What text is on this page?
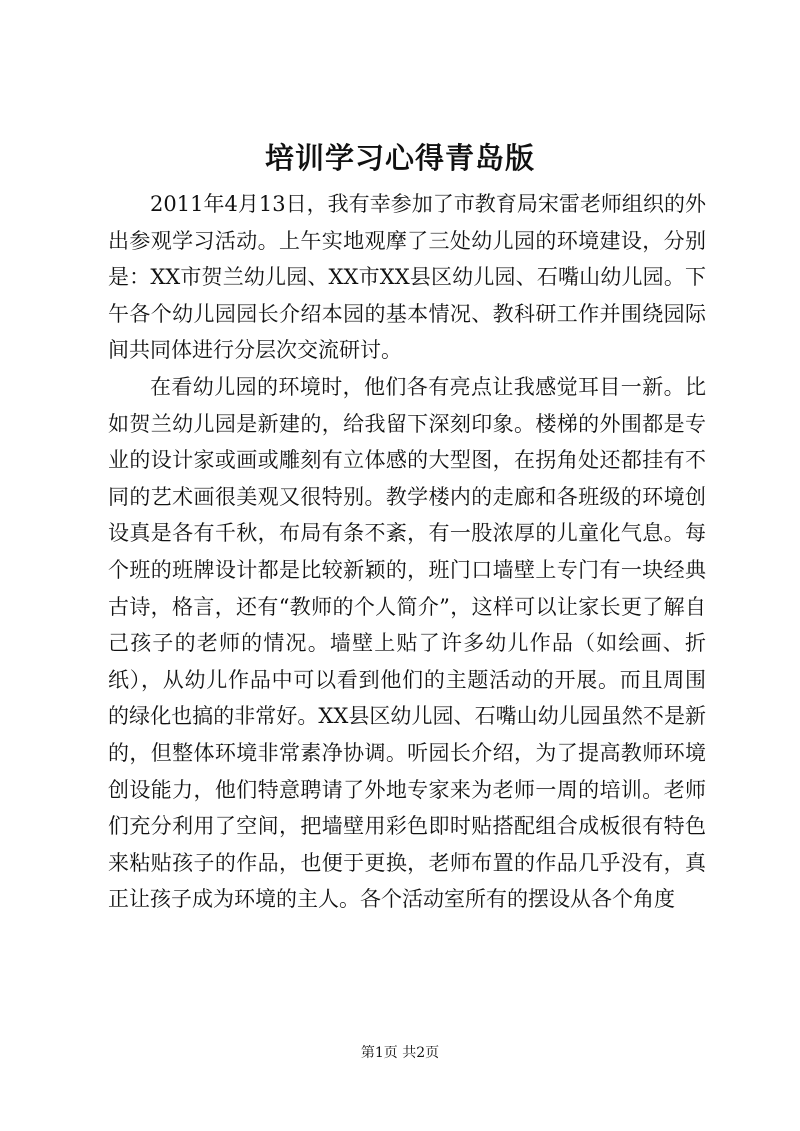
培训学习心得青岛版

2011年4月13日，我有幸参加了市教育局宋雷老师组织的外出参观学习活动。上午实地观摩了三处幼儿园的环境建设，分别是：XX市贺兰幼儿园、XX市XX县区幼儿园、石嘴山幼儿园。下午各个幼儿园园长介绍本园的基本情况、教科研工作并围绕园际间共同体进行分层次交流研讨。

在看幼儿园的环境时，他们各有亮点让我感觉耳目一新。比如贺兰幼儿园是新建的，给我留下深刻印象。楼梯的外围都是专业的设计家或画或雕刻有立体感的大型图，在拐角处还都挂有不同的艺术画很美观又很特别。教学楼内的走廊和各班级的环境创设真是各有千秋，布局有条不紊，有一股浓厚的儿童化气息。每个班的班牌设计都是比较新颖的，班门口墙壁上专门有一块经典古诗，格言，还有“教师的个人简介”，这样可以让家长更了解自己孩子的老师的情况。墙壁上贴了许多幼儿作品（如绘画、折纸），从幼儿作品中可以看到他们的主题活动的开展。而且周围的绿化也搞的非常好。XX县区幼儿园、石嘴山幼儿园虽然不是新的，但整体环境非常素净协调。听园长介绍，为了提高教师环境创设能力，他们特意聘请了外地专家来为老师一周的培训。老师们充分利用了空间，把墙壁用彩色即时贴搭配组合成板很有特色来粘贴孩子的作品，也便于更换，老师布置的作品几乎没有，真正让孩子成为环境的主人。各个活动室所有的摆设从各个角度

第1页 共2页
